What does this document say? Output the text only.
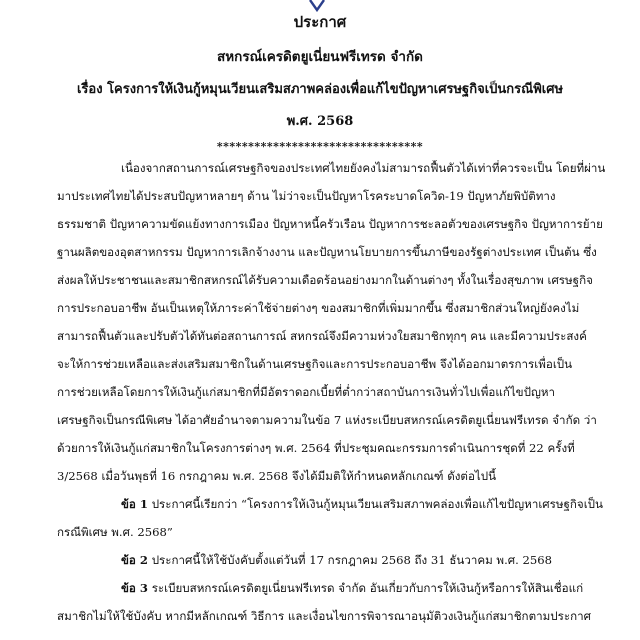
ประกาศ
สหกรณ์เครดิตยูเนี่ยนฟรีเทรด จำกัด
เรื่อง โครงการให้เงินกู้หมุนเวียนเสริมสภาพคล่องเพื่อแก้ไขปัญหาเศรษฐกิจเป็นกรณีพิเศษ
พ.ศ. 2568
*********************************
เนื่องจากสถานการณ์เศรษฐกิจของประเทศไทยยังคงไม่สามารถฟื้นตัวได้เท่าที่ควรจะเป็น โดยที่ผ่าน
มาประเทศไทยได้ประสบปัญหาหลายๆ ด้าน ไม่ว่าจะเป็นปัญหาโรคระบาดโควิด-19 ปัญหาภัยพิบัติทาง
ธรรมชาติ ปัญหาความขัดแย้งทางการเมือง ปัญหาหนี้ครัวเรือน ปัญหาการชะลอตัวของเศรษฐกิจ ปัญหาการย้าย
ฐานผลิตของอุตสาหกรรม ปัญหาการเลิกจ้างงาน และปัญหานโยบายการขึ้นภาษีของรัฐต่างประเทศ เป็นต้น ซึ่ง
ส่งผลให้ประชาชนและสมาชิกสหกรณ์ได้รับความเดือดร้อนอย่างมากในด้านต่างๆ ทั้งในเรื่องสุขภาพ เศรษฐกิจ
การประกอบอาชีพ อันเป็นเหตุให้ภาระค่าใช้จ่ายต่างๆ ของสมาชิกที่เพิ่มมากขึ้น ซึ่งสมาชิกส่วนใหญ่ยังคงไม่
สามารถฟื้นตัวและปรับตัวได้ทันต่อสถานการณ์ สหกรณ์จึงมีความห่วงใยสมาชิกทุกๆ คน และมีความประสงค์
จะให้การช่วยเหลือและส่งเสริมสมาชิกในด้านเศรษฐกิจและการประกอบอาชีพ จึงได้ออกมาตรการเพื่อเป็น
การช่วยเหลือโดยการให้เงินกู้แก่สมาชิกที่มีอัตราดอกเบี้ยที่ต่ำกว่าสถาบันการเงินทั่วไปเพื่อแก้ไขปัญหา
เศรษฐกิจเป็นกรณีพิเศษ ได้อาศัยอำนาจตามความในข้อ 7 แห่งระเบียบสหกรณ์เครดิตยูเนี่ยนฟรีเทรด จำกัด ว่า
ด้วยการให้เงินกู้แก่สมาชิกในโครงการต่างๆ พ.ศ. 2564 ที่ประชุมคณะกรรมการดำเนินการชุดที่ 22 ครั้งที่
3/2568 เมื่อวันพุธที่ 16 กรกฎาคม พ.ศ. 2568 จึงได้มีมติให้กำหนดหลักเกณฑ์ ดังต่อไปนี้
ข้อ 1 ประกาศนี้เรียกว่า “โครงการให้เงินกู้หมุนเวียนเสริมสภาพคล่องเพื่อแก้ไขปัญหาเศรษฐกิจเป็น
กรณีพิเศษ พ.ศ. 2568”
ข้อ 2 ประกาศนี้ให้ใช้บังคับตั้งแต่วันที่ 17 กรกฎาคม 2568 ถึง 31 ธันวาคม พ.ศ. 2568
ข้อ 3 ระเบียบสหกรณ์เครดิตยูเนี่ยนฟรีเทรด จำกัด อันเกี่ยวกับการให้เงินกู้หรือการให้สินเชื่อแก่
สมาชิกไม่ให้ใช้บังคับ หากมีหลักเกณฑ์ วิธีการ และเงื่อนไขการพิจารณาอนุมัติวงเงินกู้แก่สมาชิกตามประกาศ
